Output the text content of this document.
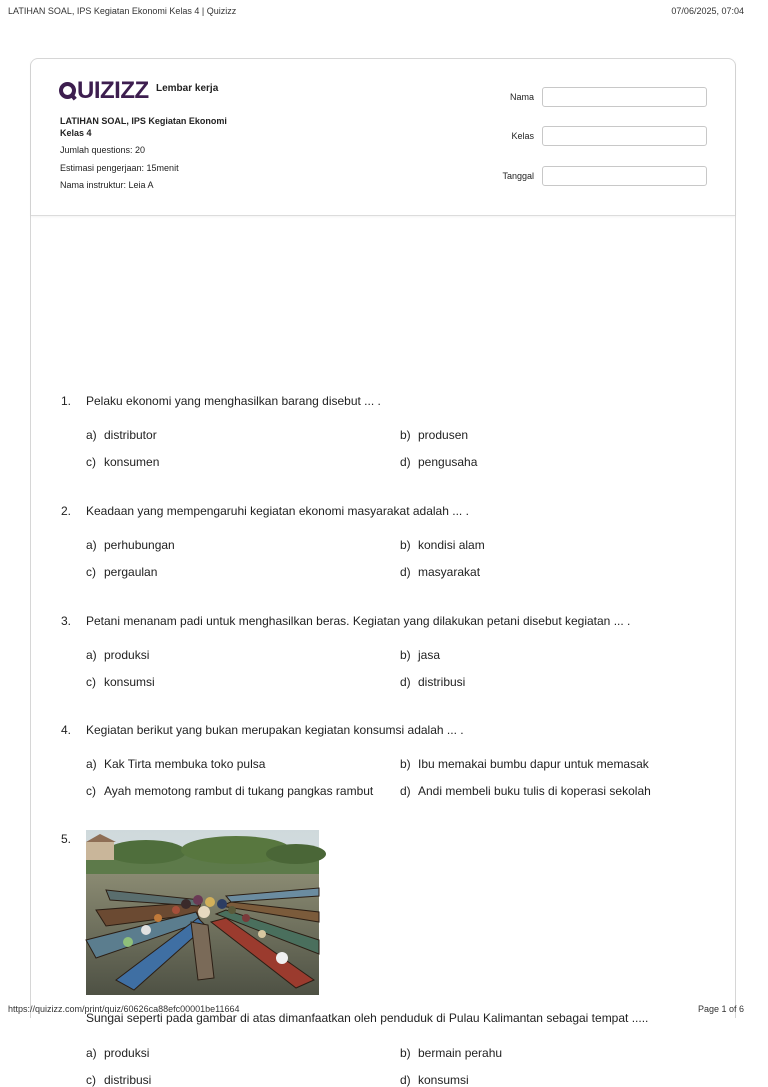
LATIHAN SOAL, IPS Kegiatan Ekonomi Kelas 4 | Quizizz	07/06/2025, 07:04
UIZIZZ Lembar kerja
LATIHAN SOAL, IPS Kegiatan Ekonomi
Kelas 4
Jumlah questions: 20
Estimasi pengerjaan: 15menit
Nama instruktur: Leia A
Nama
Kelas
Tanggal
1. Pelaku ekonomi yang menghasilkan barang disebut ... .
a) distributor	b) produsen
c) konsumen	d) pengusaha
2. Keadaan yang mempengaruhi kegiatan ekonomi masyarakat adalah ... .
a) perhubungan	b) kondisi alam
c) pergaulan	d) masyarakat
3. Petani menanam padi untuk menghasilkan beras. Kegiatan yang dilakukan petani disebut kegiatan ... .
a) produksi	b) jasa
c) konsumsi	d) distribusi
4. Kegiatan berikut yang bukan merupakan kegiatan konsumsi adalah ... .
a) Kak Tirta membuka toko pulsa	b) Ibu memakai bumbu dapur untuk memasak
c) Ayah memotong rambut di tukang pangkas rambut d) Andi membeli buku tulis di koperasi sekolah
5.
Sungai seperti pada gambar di atas dimanfaatkan oleh penduduk di Pulau Kalimantan sebagai tempat .....
a) produksi	b) bermain perahu
c) distribusi	d) konsumsi
https://quizizz.com/print/quiz/60626ca88efc00001be11664	Page 1 of 6
